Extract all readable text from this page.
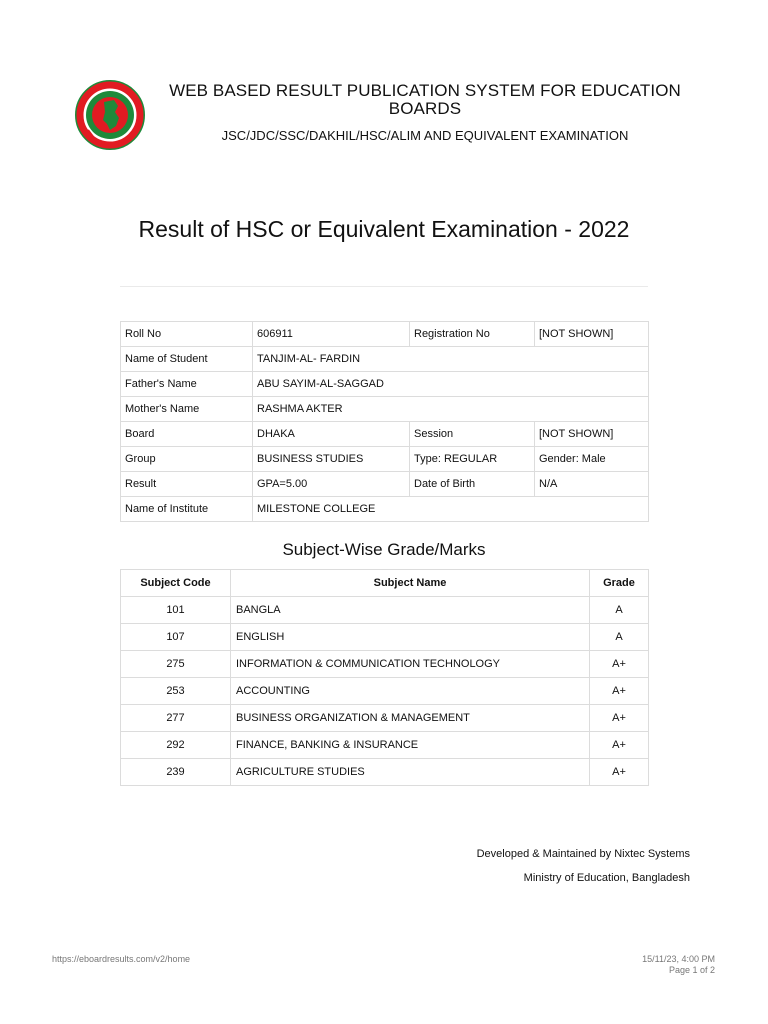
WEB BASED RESULT PUBLICATION SYSTEM FOR EDUCATION BOARDS
JSC/JDC/SSC/DAKHIL/HSC/ALIM AND EQUIVALENT EXAMINATION
Result of HSC or Equivalent Examination - 2022
Roll No	606911	Registration No	[NOT SHOWN]
Name of Student	TANJIM-AL- FARDIN		
Father's Name	ABU SAYIM-AL-SAGGAD		
Mother's Name	RASHMA AKTER		
Board	DHAKA	Session	[NOT SHOWN]
Group	BUSINESS STUDIES	Type: REGULAR	Gender: Male
Result	GPA=5.00	Date of Birth	N/A
Name of Institute	MILESTONE COLLEGE		
Subject-Wise Grade/Marks
Subject Code	Subject Name	Grade
101	BANGLA	A
107	ENGLISH	A
275	INFORMATION & COMMUNICATION TECHNOLOGY	A+
253	ACCOUNTING	A+
277	BUSINESS ORGANIZATION & MANAGEMENT	A+
292	FINANCE, BANKING & INSURANCE	A+
239	AGRICULTURE STUDIES	A+
Developed & Maintained by Nixtec Systems
Ministry of Education, Bangladesh
https://eboardresults.com/v2/home	15/11/23, 4:00 PM
Page 1 of 2
